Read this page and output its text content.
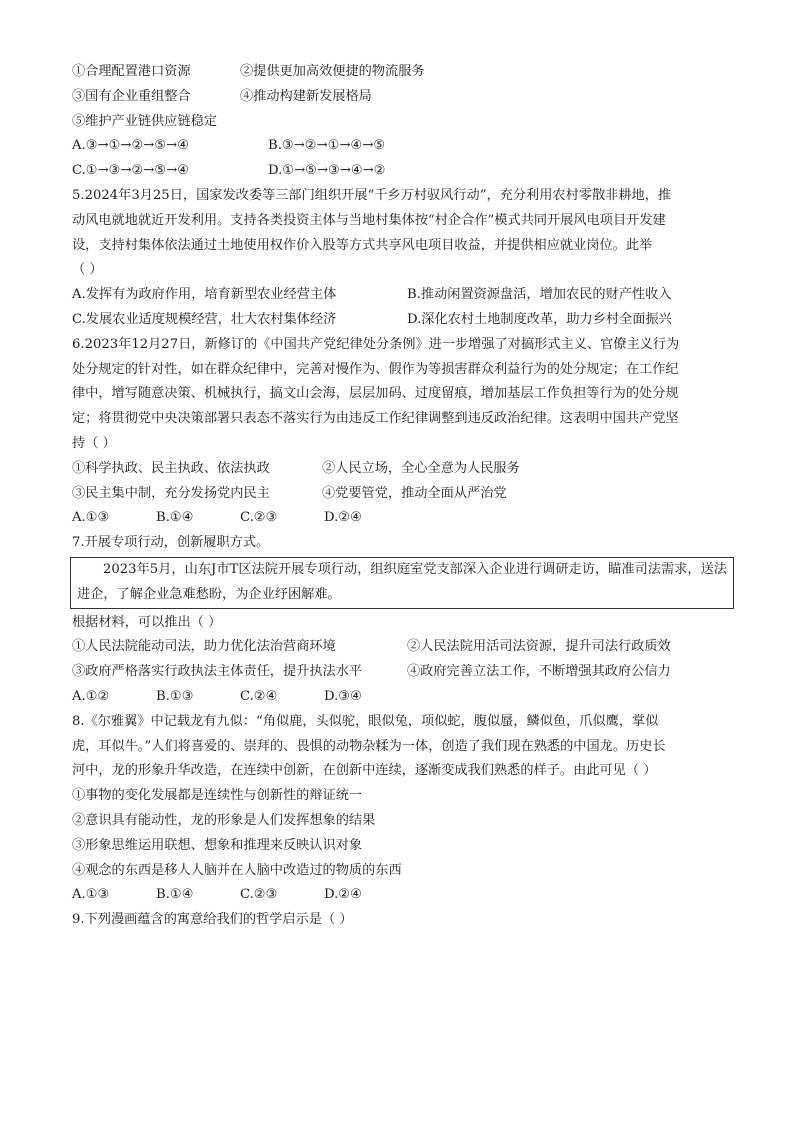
①合理配置港口资源	②提供更加高效便捷的物流服务
③国有企业重组整合	④推动构建新发展格局
⑤维护产业链供应链稳定
A.③→①→②→⑤→④	B.③→②→①→④→⑤
C.①→③→②→⑤→④	D.①→⑤→③→④→②
5.2024年3月25日，国家发改委等三部门组织开展“千乡万村驭风行动”，充分利用农村零散非耕地，推
动风电就地就近开发利用。支持各类投资主体与当地村集体按“村企合作”模式共同开展风电项目开发建
设，支持村集体依法通过土地使用权作价入股等方式共享风电项目收益，并提供相应就业岗位。此举
（ ）
A.发挥有为政府作用，培育新型农业经营主体	B.推动闲置资源盘活，增加农民的财产性收入
C.发展农业适度规模经营，壮大农村集体经济	D.深化农村土地制度改革，助力乡村全面振兴
6.2023年12月27日，新修订的《中国共产党纪律处分条例》进一步增强了对搞形式主义、官僚主义行为
处分规定的针对性，如在群众纪律中，完善对慢作为、假作为等损害群众利益行为的处分规定；在工作纪
律中，增写随意决策、机械执行，搞文山会海，层层加码、过度留痕，增加基层工作负担等行为的处分规
定；将贯彻党中央决策部署只表态不落实行为由违反工作纪律调整到违反政治纪律。这表明中国共产党坚
持（ ）
①科学执政、民主执政、依法执政	②人民立场，全心全意为人民服务
③民主集中制，充分发扬党内民主	④党要管党，推动全面从严治党
A.①③	B.①④	C.②③	D.②④
7.开展专项行动，创新履职方式。
2023年5月，山东J市T区法院开展专项行动，组织庭室党支部深入企业进行调研走访，瞄准司法需求，送法进企，了解企业急难愁盼，为企业纾困解难。
根据材料，可以推出（ ）
①人民法院能动司法，助力优化法治营商环境	②人民法院用活司法资源，提升司法行政质效
③政府严格落实行政执法主体责任，提升执法水平	④政府完善立法工作，不断增强其政府公信力
A.①②	B.①③	C.②④	D.③④
8.《尔雅翼》中记载龙有九似：“角似鹿，头似驼，眼似兔，项似蛇，腹似蜃，鳞似鱼，爪似鹰，掌似
虎，耳似牛。”人们将喜爱的、崇拜的、畏惧的动物杂糅为一体，创造了我们现在熟悉的中国龙。历史长
河中，龙的形象升华改造，在连续中创新，在创新中连续，逐渐变成我们熟悉的样子。由此可见（ ）
①事物的变化发展都是连续性与创新性的辩证统一
②意识具有能动性，龙的形象是人们发挥想象的结果
③形象思维运用联想、想象和推理来反映认识对象
④观念的东西是移人人脑并在人脑中改造过的物质的东西
A.①③	B.①④	C.②③	D.②④
9.下列漫画蕴含的寓意给我们的哲学启示是（ ）
